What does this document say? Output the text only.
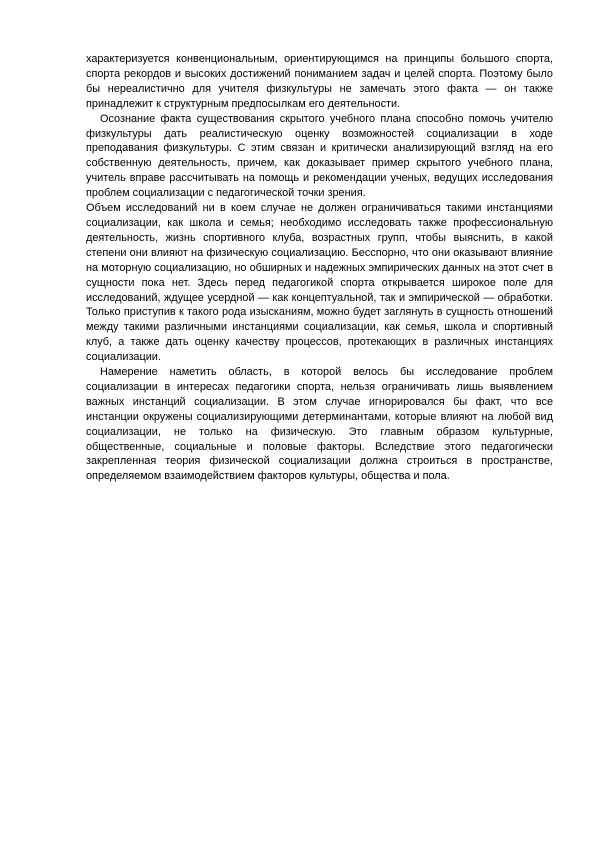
характеризуется конвенциональным, ориентирующимся на принципы большого спорта, спорта рекордов и высоких достижений пониманием задач и целей спорта. Поэтому было бы нереалистично для учителя физкультуры не замечать этого факта — он также принадлежит к структурным предпосылкам его деятельности.

Осознание факта существования скрытого учебного плана способно помочь учителю физкультуры дать реалистическую оценку возможностей социализации в ходе преподавания физкультуры. С этим связан и критически анализирующий взгляд на его собственную деятельность, причем, как доказывает пример скрытого учебного плана, учитель вправе рассчитывать на помощь и рекомендации ученых, ведущих исследования проблем социализации с педагогической точки зрения.

Объем исследований ни в коем случае не должен ограничиваться такими инстанциями социализации, как школа и семья; необходимо исследовать также профессиональную деятельность, жизнь спортивного клуба, возрастных групп, чтобы выяснить, в какой степени они влияют на физическую социализацию. Бесспорно, что они оказывают влияние на моторную социализацию, но обширных и надежных эмпирических данных на этот счет в сущности пока нет. Здесь перед педагогикой спорта открывается широкое поле для исследований, ждущее усердной — как концептуальной, так и эмпирической — обработки. Только приступив к такого рода изысканиям, можно будет заглянуть в сущность отношений между такими различными инстанциями социализации, как семья, школа и спортивный клуб, а также дать оценку качеству процессов, протекающих в различных инстанциях социализации.

Намерение наметить область, в которой велось бы исследование проблем социализации в интересах педагогики спорта, нельзя ограничивать лишь выявлением важных инстанций социализации. В этом случае игнорировался бы факт, что все инстанции окружены социализирующими детерминантами, которые влияют на любой вид социализации, не только на физическую. Это главным образом культурные, общественные, социальные и половые факторы. Вследствие этого педагогически закрепленная теория физической социализации должна строиться в пространстве, определяемом взаимодействием факторов культуры, общества и пола.
